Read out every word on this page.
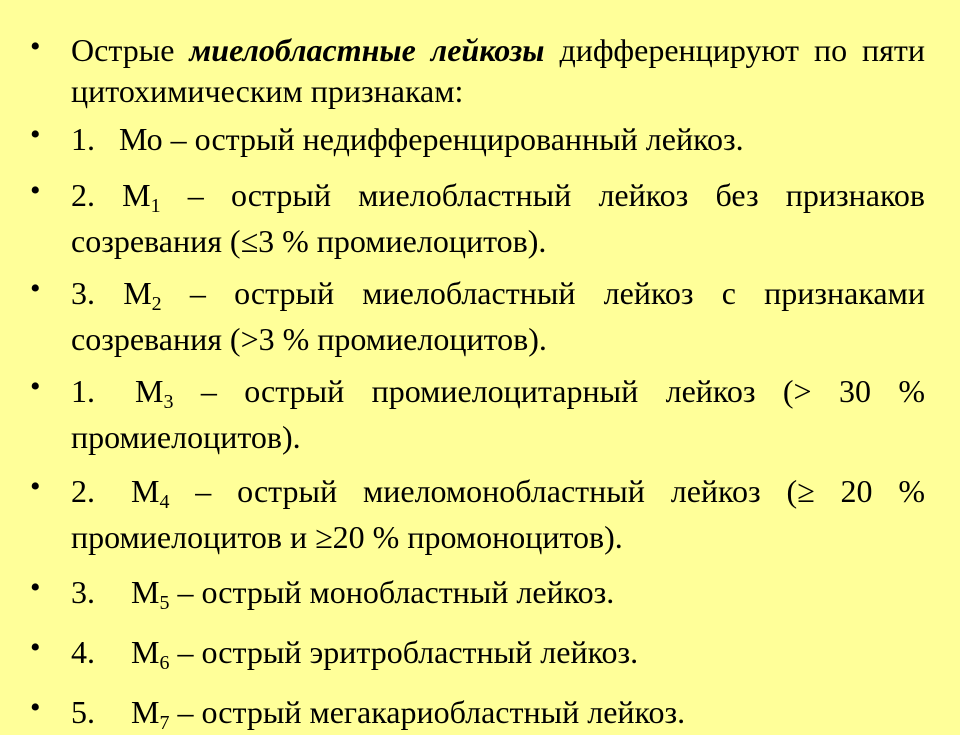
• Острые миелобластные лейкозы дифференцируют по пяти цитохимическим признакам:
• 1. Мо – острый недифференцированный лейкоз.
• 2. $М_1$ – острый миелобластный лейкоз без признаков созревания (≤3 % промиелоцитов).
• 3. $М_2$ – острый миелобластный лейкоз с признаками созревания (>3 % промиелоцитов).
• 1. $М_3$ – острый промиелоцитарный лейкоз (> 30 % промиелоцитов).
• 2. $М_4$ – острый миеломонобластный лейкоз (≥ 20 % промиелоцитов и ≥20 % промоноцитов).
• 3. $М_5$ – острый монобластный лейкоз.
• 4. $М_6$ – острый эритробластный лейкоз.
• 5. $М_7$ – острый мегакариобластный лейкоз.
